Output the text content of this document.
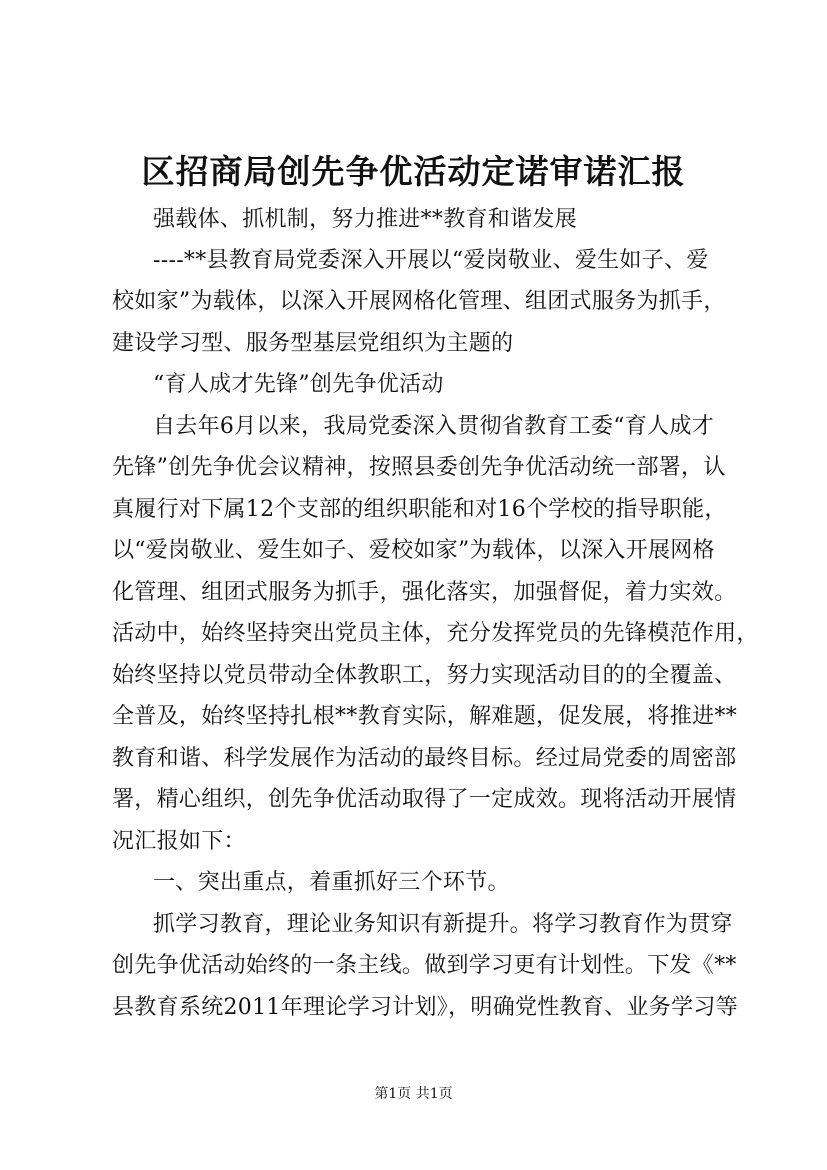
区招商局创先争优活动定诺审诺汇报
强载体、抓机制，努力推进**教育和谐发展
----**县教育局党委深入开展以“爱岗敬业、爱生如子、爱
校如家”为载体，以深入开展网格化管理、组团式服务为抓手，
建设学习型、服务型基层党组织为主题的
“育人成才先锋”创先争优活动
自去年6月以来，我局党委深入贯彻省教育工委“育人成才
先锋”创先争优会议精神，按照县委创先争优活动统一部署，认
真履行对下属12个支部的组织职能和对16个学校的指导职能，
以“爱岗敬业、爱生如子、爱校如家”为载体，以深入开展网格
化管理、组团式服务为抓手，强化落实，加强督促，着力实效。
活动中，始终坚持突出党员主体，充分发挥党员的先锋模范作用，
始终坚持以党员带动全体教职工，努力实现活动目的的全覆盖、
全普及，始终坚持扎根**教育实际，解难题，促发展，将推进**
教育和谐、科学发展作为活动的最终目标。经过局党委的周密部
署，精心组织，创先争优活动取得了一定成效。现将活动开展情
况汇报如下：
一、突出重点，着重抓好三个环节。
抓学习教育，理论业务知识有新提升。将学习教育作为贯穿
创先争优活动始终的一条主线。做到学习更有计划性。下发《**
县教育系统2011年理论学习计划》，明确党性教育、业务学习等
第1页 共1页
